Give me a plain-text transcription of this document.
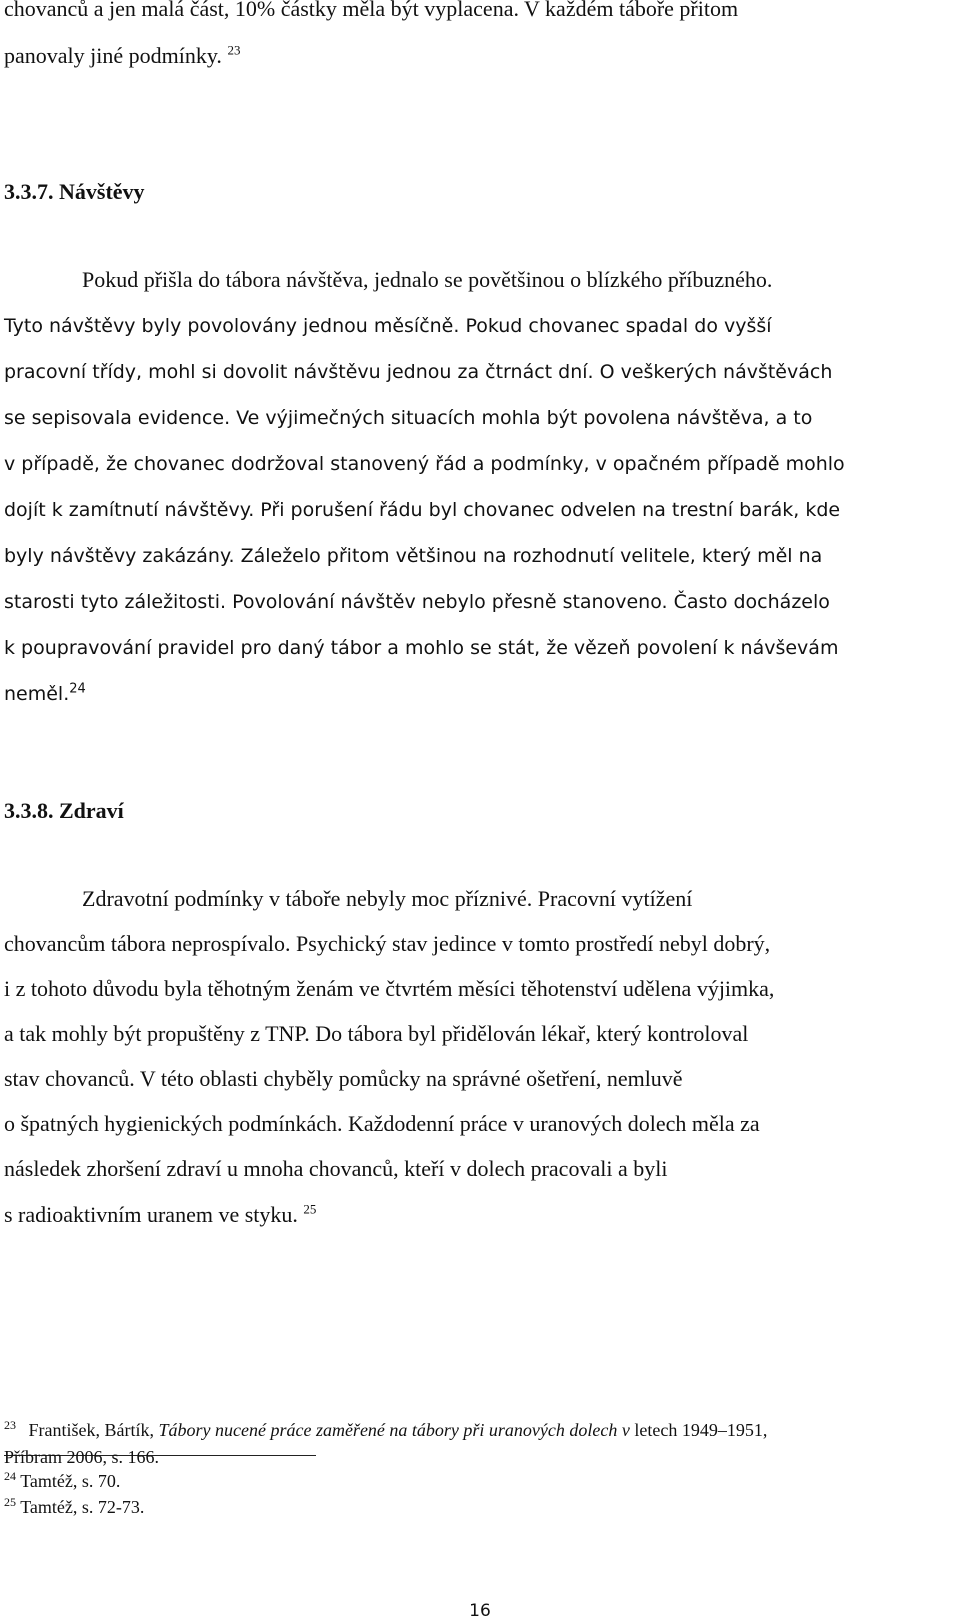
chovanců a jen malá část, 10% částky měla být vyplacena. V každém táboře přitom
panovaly jiné podmínky. $^{23}$
3.3.7. Návštěvy
Pokud přišla do tábora návštěva, jednalo se povětšinou o blízkého příbuzného.
Tyto návštěvy byly povolovány jednou měsíčně. Pokud chovanec spadal do vyšší
pracovní třídy, mohl si dovolit návštěvu jednou za čtrnáct dní. O veškerých návštěvách
se sepisovala evidence. Ve výjimečných situacích mohla být povolena návštěva, a to
v případě, že chovanec dodržoval stanovený řád a podmínky, v opačném případě mohlo
dojít k zamítnutí návštěvy. Při porušení řádu byl chovanec odvelen na trestní barák, kde
byly návštěvy zakázány. Záleželo přitom většinou na rozhodnutí velitele, který měl na
starosti tyto záležitosti. Povolování návštěv nebylo přesně stanoveno. Často docházelo
k poupravování pravidel pro daný tábor a mohlo se stát, že vězeň povolení k návševám
neměl.$^{24}$
3.3.8. Zdraví
Zdravotní podmínky v táboře nebyly moc příznivé. Pracovní vytížení
chovancům tábora neprospívalo. Psychický stav jedince v tomto prostředí nebyl dobrý,
i z tohoto důvodu byla těhotným ženám ve čtvrtém měsíci těhotenství udělena výjimka,
a tak mohly být propuštěny z TNP. Do tábora byl přidělován lékař, který kontroloval
stav chovanců. V této oblasti chyběly pomůcky na správné ošetření, nemluvě
o špatných hygienických podmínkách. Každodenní práce v uranových dolech měla za
následek zhoršení zdraví u mnoha chovanců, kteří v dolech pracovali a byli
s radioaktivním uranem ve styku. $^{25}$
$^{23}$ František, Bártík, Tábory nucené práce zaměřené na tábory při uranových dolech v letech 1949–1951,
Příbram 2006, s. 166.
$^{24}$ Tamtéž, s. 70.
$^{25}$ Tamtéž, s. 72-73.
16
